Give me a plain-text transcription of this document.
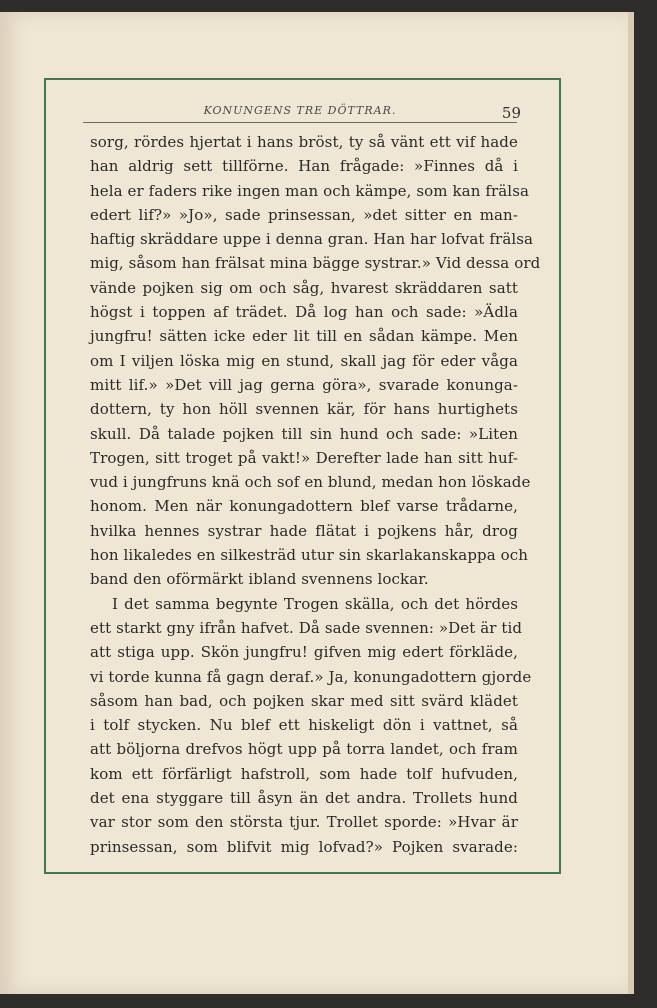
KONUNGENS TRE DÖTTRAR.	59
sorg, rördes hjertat i hans bröst, ty så vänt ett vif hade
han aldrig sett tillförne. Han frågade: »Finnes då i
hela er faders rike ingen man och kämpe, som kan frälsa
edert lif?» »Jo», sade prinsessan, »det sitter en man-
haftig skräddare uppe i denna gran. Han har lofvat frälsa
mig, såsom han frälsat mina bägge systrar.» Vid dessa ord
vände pojken sig om och såg, hvarest skräddaren satt
högst i toppen af trädet. Då log han och sade: »Ädla
jungfru! sätten icke eder lit till en sådan kämpe. Men
om I viljen löska mig en stund, skall jag för eder våga
mitt lif.» »Det vill jag gerna göra», svarade konunga-
dottern, ty hon höll svennen kär, för hans hurtighets
skull. Då talade pojken till sin hund och sade: »Liten
Trogen, sitt troget på vakt!» Derefter lade han sitt huf-
vud i jungfruns knä och sof en blund, medan hon löskade
honom. Men när konungadottern blef varse trådarne,
hvilka hennes systrar hade flätat i pojkens hår, drog
hon likaledes en silkesträd utur sin skarlakanskappa och
band den oförmärkt ibland svennens lockar.
I det samma begynte Trogen skälla, och det hördes
ett starkt gny ifrån hafvet. Då sade svennen: »Det är tid
att stiga upp. Skön jungfru! gifven mig edert förkläde,
vi torde kunna få gagn deraf.» Ja, konungadottern gjorde
såsom han bad, och pojken skar med sitt svärd klädet
i tolf stycken. Nu blef ett hiskeligt dön i vattnet, så
att böljorna drefvos högt upp på torra landet, och fram
kom ett förfärligt hafstroll, som hade tolf hufvuden,
det ena styggare till åsyn än det andra. Trollets hund
var stor som den största tjur. Trollet sporde: »Hvar är
prinsessan, som blifvit mig lofvad?» Pojken svarade:
